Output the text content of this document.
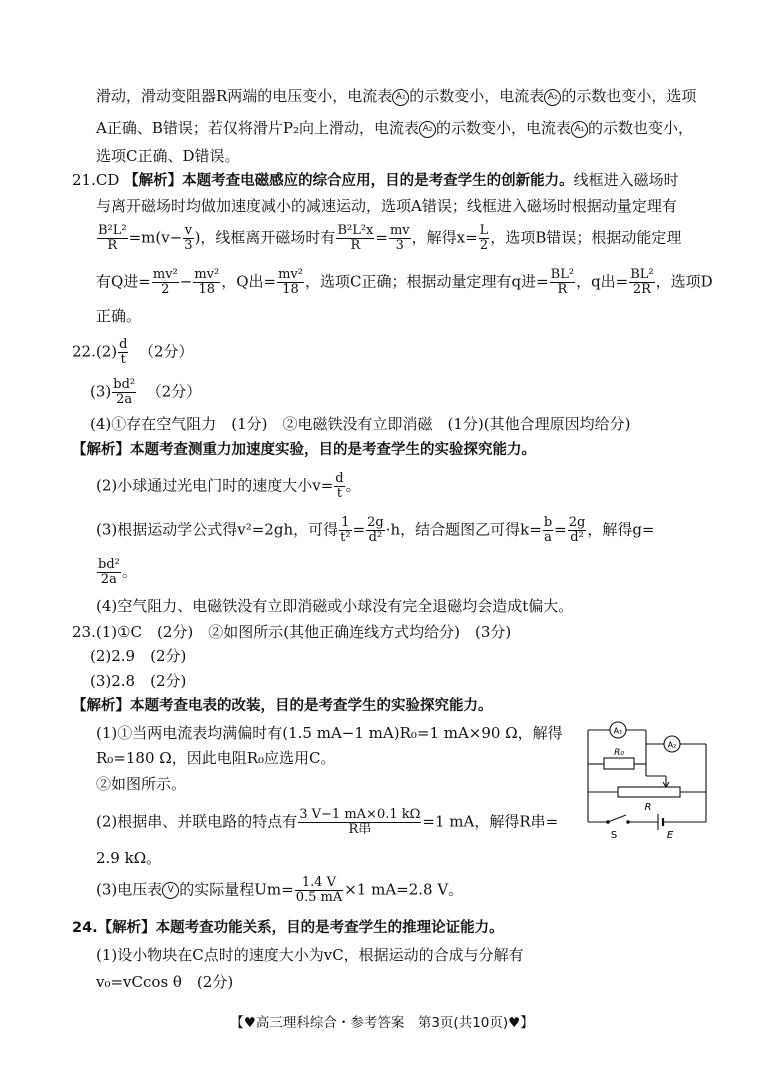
滑动，滑动变阻器R两端的电压变小，电流表 A₁ 的示数变小，电流表 A₂ 的示数也变小，选项
A正确、B错误；若仅将滑片P₂向上滑动，电流表 A₂ 的示数变小，电流表 A₁ 的示数也变小，
选项C正确、D错误。
21.CD 【解析】本题考查电磁感应的综合应用，目的是考查学生的创新能力。线框进入磁场时
与离开磁场时均做加速度减小的减速运动，选项A错误；线框进入磁场时根据动量定理有
$\frac{\text{B²L²}}{R} =m(v- \frac{v}{3}$ )，线框离开磁场时有 $\frac{\text{B²L²x}}{R} = \frac{mv}{3}$ ，解得$x= \frac{L}{2}$ ，选项B错误；根据动能定理
有Q进= $\frac{\text{mv²}}{2} - \frac{\text{mv²}}{18}$ ，Q出= $\frac{\text{mv²}}{18}$ ，选项C正确；根据动量定理有q进= $\frac{\text{BL²}}{R}$ ，q出= $\frac{\text{BL²}}{2R}$ ，选项D
正确。
$22.(2) \frac{d}{t} (2$分）
$(3) \frac{\text{bd²}}{2a} (2$分）
(4)①存在空气阻力　(1分)　②电磁铁没有立即消磁　(1分)(其他合理原因均给分)
【解析】本题考查测重力加速度实验，目的是考查学生的实验探究能力。
(2)小球通过光电门时的速度大小$v= \frac{d}{t}$ 。
(3)根据运动学公式得v²=2gh，可得 $\frac{1}{\text{t²}} = \frac{2g}{\text{d²}} \cdot h$，结合题图乙可得$k= \frac{b}{a} = \frac{2g}{\text{d²}}$ ，解得g=
$\frac{\text{bd²}}{2a}$ 。
(4)空气阻力、电磁铁没有立即消磁或小球没有完全退磁均会造成t偏大。
23.(1)①C　(2分)　②如图所示(其他正确连线方式均给分)　(3分)
(2)2.9　(2分)
(3)2.8　(2分)
【解析】本题考查电表的改装，目的是考查学生的实验探究能力。
(1)①当两电流表均满偏时有(1.5 mA−1 mA)R₀=1 mA×90 Ω，解得
R₀=180 Ω，因此电阻R₀应选用C。
②如图所示。
(2)根据串、并联电路的特点有 $\frac{3 V-1 mA\times 0.1 k\Omega}{\text{R串}} =1$ mA，解得R串=
2.9 kΩ。
(3)电压表 V 的实际量程$Um= \frac{1.4 V}{0.5 mA} \times 1$ mA=2.8 V。
A₁
A₂
R₀
R
S	E
24.【解析】本题考查功能关系，目的是考查学生的推理论证能力。
(1)设小物块在C点时的速度大小为vC，根据运动的合成与分解有
v₀=vCcos θ　(2分)
【♥高三理科综合・参考答案　第3页(共10页)♥】
